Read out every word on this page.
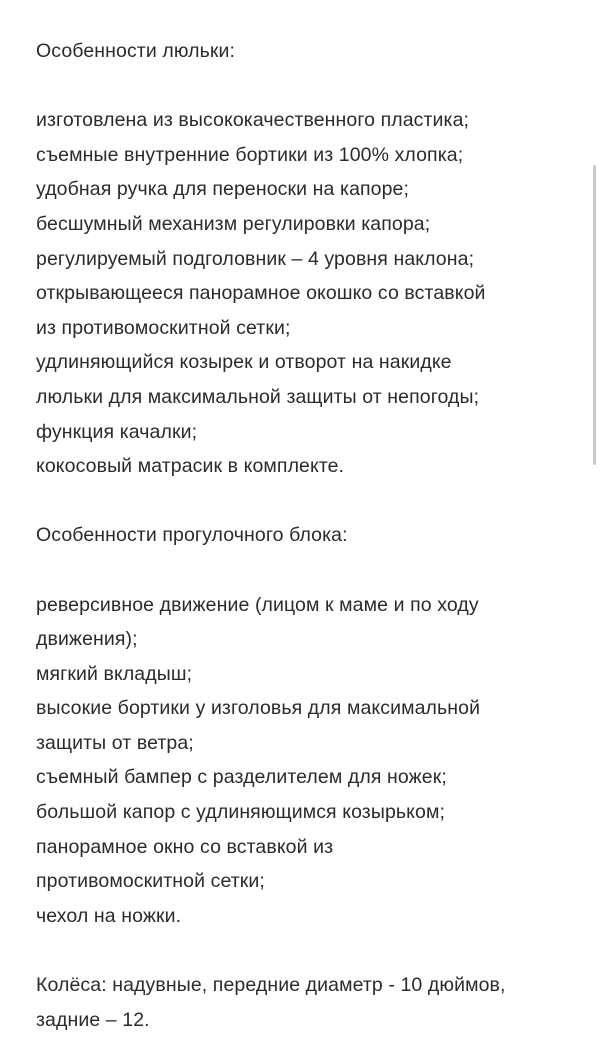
Особенности люльки:
изготовлена из высококачественного пластика;
съемные внутренние бортики из 100% хлопка;
удобная ручка для переноски на капоре;
бесшумный механизм регулировки капора;
регулируемый подголовник – 4 уровня наклона;
открывающееся панорамное окошко со вставкой
из противомоскитной сетки;
удлиняющийся козырек и отворот на накидке
люльки для максимальной защиты от непогоды;
функция качалки;
кокосовый матрасик в комплекте.
Особенности прогулочного блока:
реверсивное движение (лицом к маме и по ходу
движения);
мягкий вкладыш;
высокие бортики у изголовья для максимальной
защиты от ветра;
съемный бампер с разделителем для ножек;
большой капор с удлиняющимся козырьком;
панорамное окно со вставкой из
противомоскитной сетки;
чехол на ножки.
Колёса: надувные, передние диаметр - 10 дюймов,
задние – 12.
